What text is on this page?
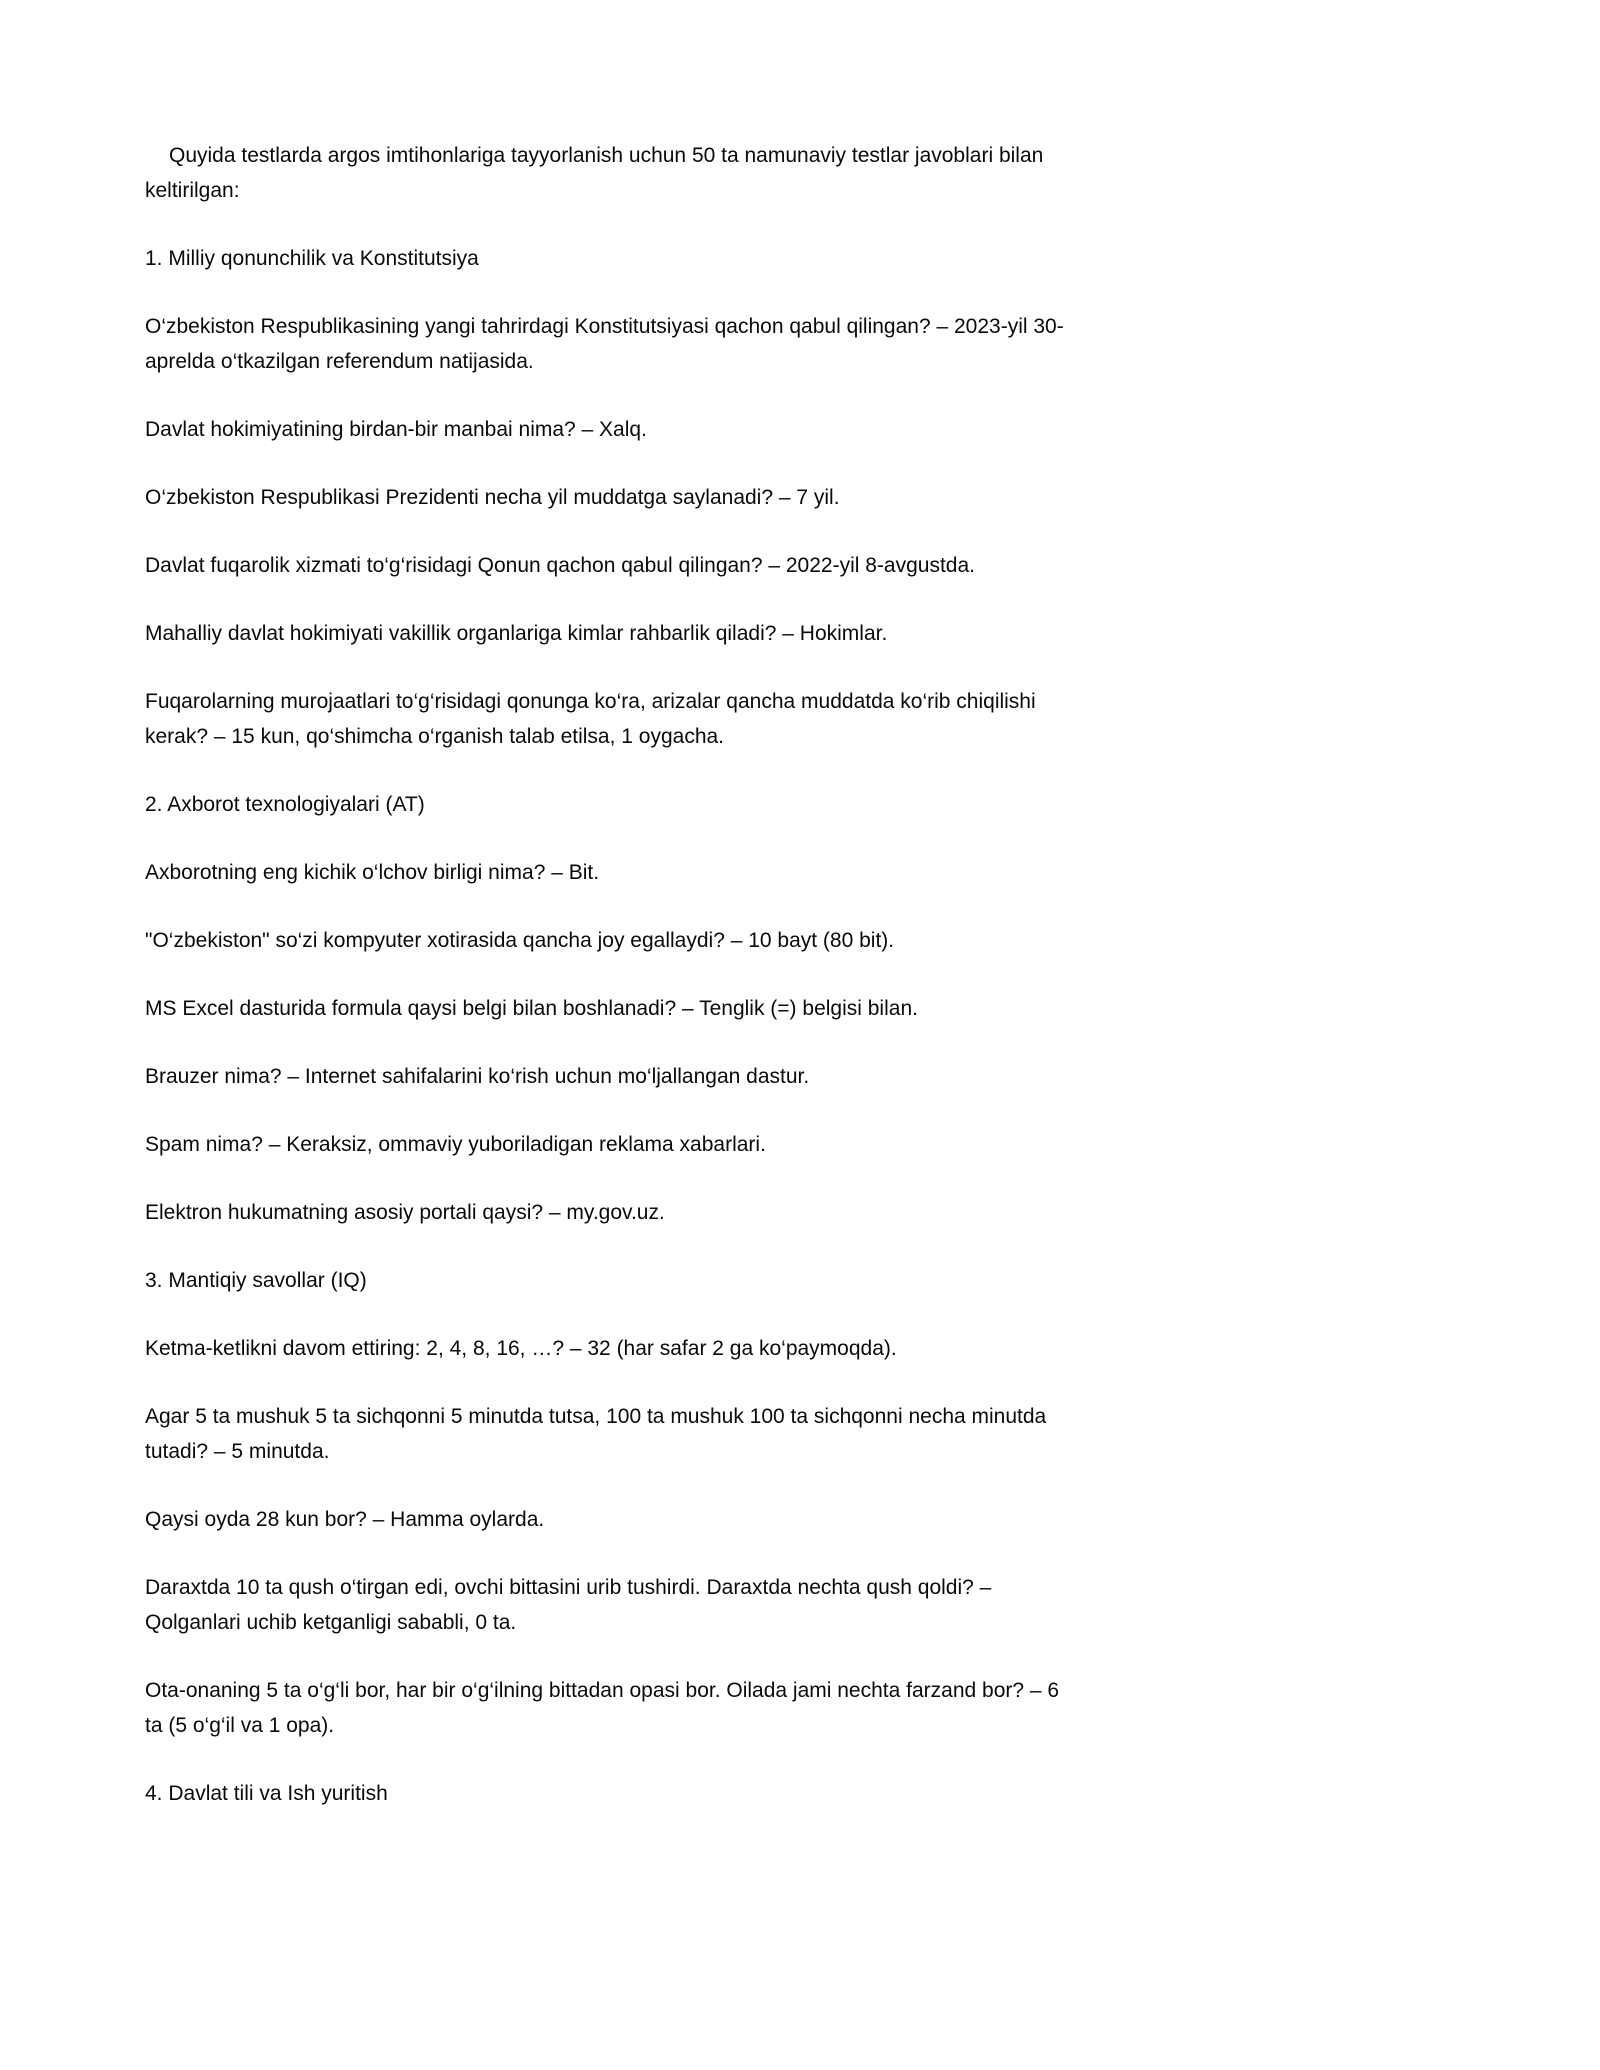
Quyida testlarda argos imtihonlariga tayyorlanish uchun 50 ta namunaviy testlar javoblari bilan keltirilgan:

1. Milliy qonunchilik va Konstitutsiya

O‘zbekiston Respublikasining yangi tahrirdagi Konstitutsiyasi qachon qabul qilingan? – 2023-yil 30-aprelda o‘tkazilgan referendum natijasida.

Davlat hokimiyatining birdan-bir manbai nima? – Xalq.

O‘zbekiston Respublikasi Prezidenti necha yil muddatga saylanadi? – 7 yil.

Davlat fuqarolik xizmati to‘g‘risidagi Qonun qachon qabul qilingan? – 2022-yil 8-avgustda.

Mahalliy davlat hokimiyati vakillik organlariga kimlar rahbarlik qiladi? – Hokimlar.

Fuqarolarning murojaatlari to‘g‘risidagi qonunga ko‘ra, arizalar qancha muddatda ko‘rib chiqilishi kerak? – 15 kun, qo‘shimcha o‘rganish talab etilsa, 1 oygacha.

2. Axborot texnologiyalari (AT)

Axborotning eng kichik o‘lchov birligi nima? – Bit.

"O‘zbekiston" so‘zi kompyuter xotirasida qancha joy egallaydi? – 10 bayt (80 bit).

MS Excel dasturida formula qaysi belgi bilan boshlanadi? – Tenglik (=) belgisi bilan.

Brauzer nima? – Internet sahifalarini ko‘rish uchun mo‘ljallangan dastur.

Spam nima? – Keraksiz, ommaviy yuboriladigan reklama xabarlari.

Elektron hukumatning asosiy portali qaysi? – my.gov.uz.

3. Mantiqiy savollar (IQ)

Ketma-ketlikni davom ettiring: 2, 4, 8, 16, …? – 32 (har safar 2 ga ko‘paymoqda).

Agar 5 ta mushuk 5 ta sichqonni 5 minutda tutsa, 100 ta mushuk 100 ta sichqonni necha minutda tutadi? – 5 minutda.

Qaysi oyda 28 kun bor? – Hamma oylarda.

Daraxtda 10 ta qush o‘tirgan edi, ovchi bittasini urib tushirdi. Daraxtda nechta qush qoldi? – Qolganlari uchib ketganligi sababli, 0 ta.

Ota-onaning 5 ta o‘g‘li bor, har bir o‘g‘ilning bittadan opasi bor. Oilada jami nechta farzand bor? – 6 ta (5 o‘g‘il va 1 opa).

4. Davlat tili va Ish yuritish
